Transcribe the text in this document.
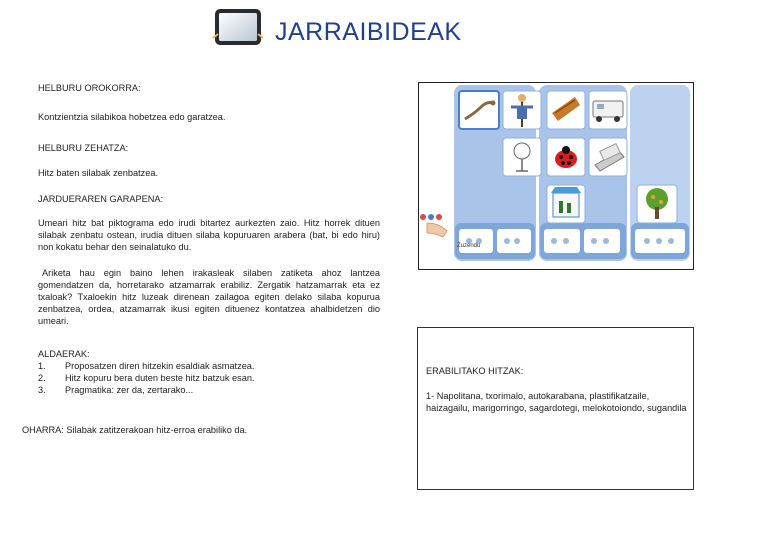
JARRAIBIDEAK
HELBURU OROKORRA:
Kontzientzia silabikoa hobetzea edo garatzea.
HELBURU ZEHATZA:
Hitz baten silabak zenbatzea.
JARDUERAREN GARAPENA:
Umeari hitz bat piktograma edo irudi bitartez aurkezten zaio. Hitz horrek dituen silabak zenbatu ostean, irudia dituen silaba kopuruaren arabera (bat, bi edo hiru) non kokatu behar den seinalatuko du.
Ariketa hau egin baino lehen irakasleak silaben zatiketa ahoz lantzea gomendatzen da, horretarako atzamarrak erabiliz. Zergatik hatzamarrak eta ez txaloak? Txaloekin hitz luzeak direnean zailagoa egiten delako silaba kopurua zenbatzea, ordea, atzamarrak ikusi egiten dituenez kontatzea ahalbidetzen dio umeari.
ALDAERAK:
1.	Proposatzen diren hitzekin esaldiak asmatzea.
2.	Hitz kopuru bera duten beste hitz batzuk esan.
3.	Pragmatika: zer da, zertarako...
OHARRA: Silabak zatitzerakoan hitz-erroa erabiliko da.
Zuzendu
ERABILITAKO HITZAK:
1- Napolitana, txorimalo, autokarabana, plastifikatzaile, haizagailu, marigorringo, sagardotegi, melokotoiondo, sugandila
